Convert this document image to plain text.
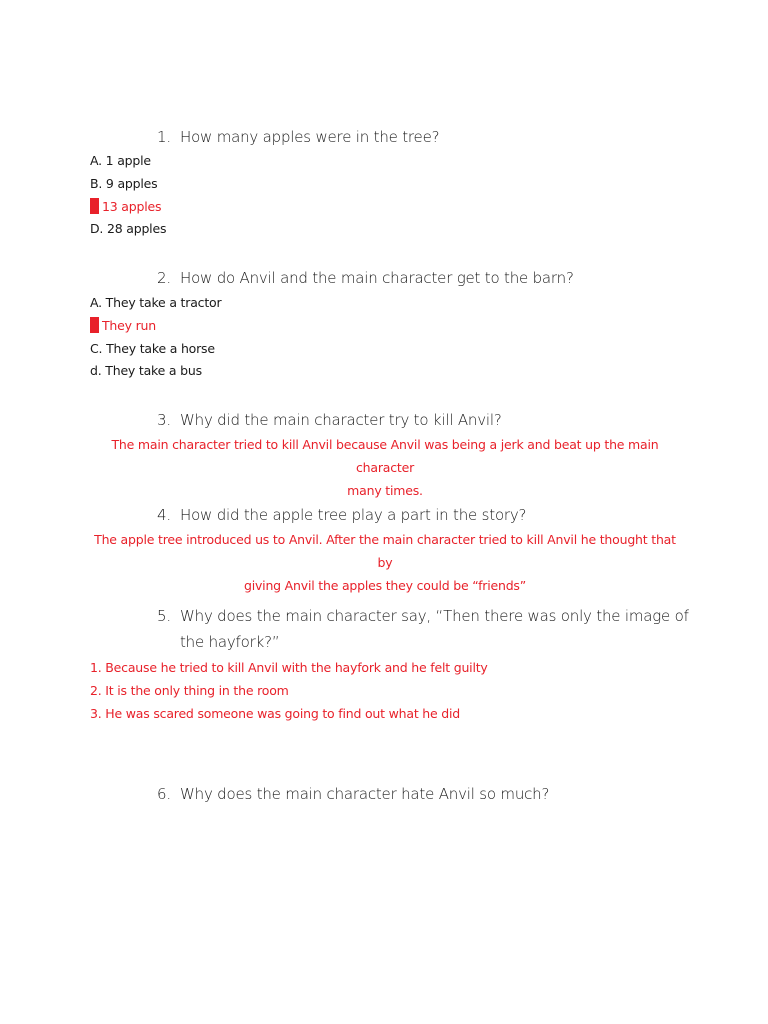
1. How many apples were in the tree?
A. 1 apple
B. 9 apples
13 apples
D. 28 apples
2. How do Anvil and the main character get to the barn?
A. They take a tractor
They run
C. They take a horse
d. They take a bus
3. Why did the main character try to kill Anvil?
The main character tried to kill Anvil because Anvil was being a jerk and beat up the main character
many times.
4. How did the apple tree play a part in the story?
The apple tree introduced us to Anvil. After the main character tried to kill Anvil he thought that by
giving Anvil the apples they could be “friends”
5. Why does the main character say, “Then there was only the image of
the hayfork?”
1. Because he tried to kill Anvil with the hayfork and he felt guilty
2. It is the only thing in the room
3. He was scared someone was going to find out what he did
6. Why does the main character hate Anvil so much?
